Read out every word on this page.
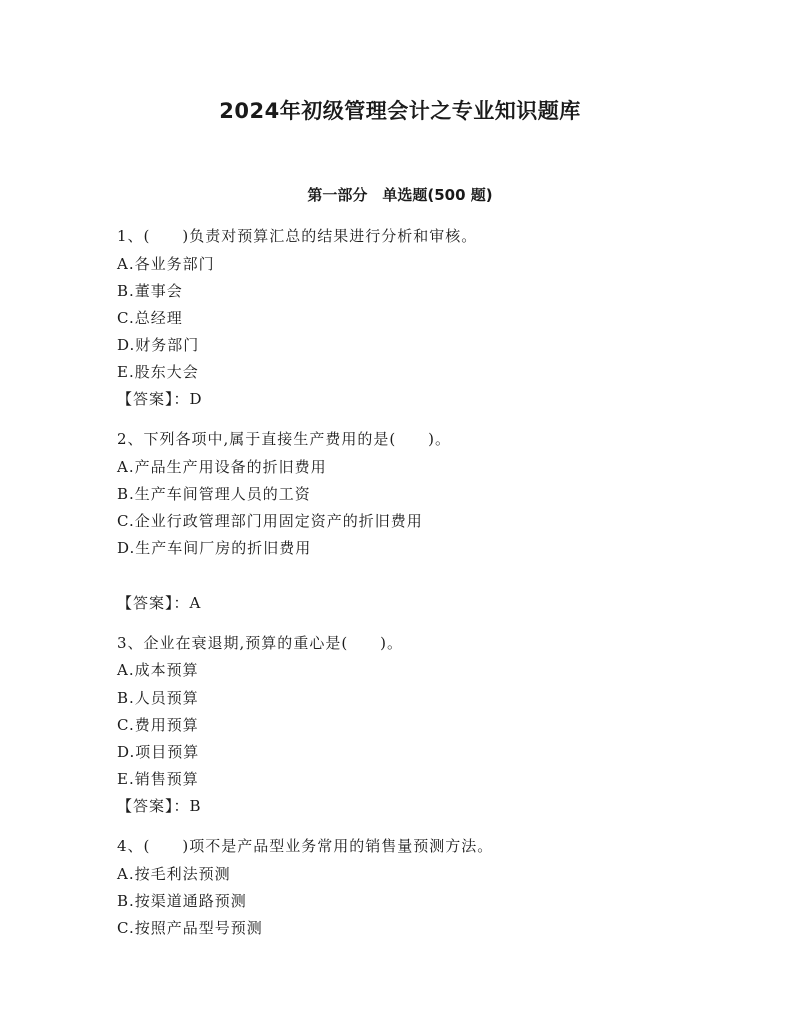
2024年初级管理会计之专业知识题库
第一部分　单选题(500 题)
1、(　　)负责对预算汇总的结果进行分析和审核。
A.各业务部门
B.董事会
C.总经理
D.财务部门
E.股东大会
【答案】：D
2、下列各项中,属于直接生产费用的是(　　)。
A.产品生产用设备的折旧费用
B.生产车间管理人员的工资
C.企业行政管理部门用固定资产的折旧费用
D.生产车间厂房的折旧费用
【答案】：A
3、企业在衰退期,预算的重心是(　　)。
A.成本预算
B.人员预算
C.费用预算
D.项目预算
E.销售预算
【答案】：B
4、(　　)项不是产品型业务常用的销售量预测方法。
A.按毛利法预测
B.按渠道通路预测
C.按照产品型号预测
